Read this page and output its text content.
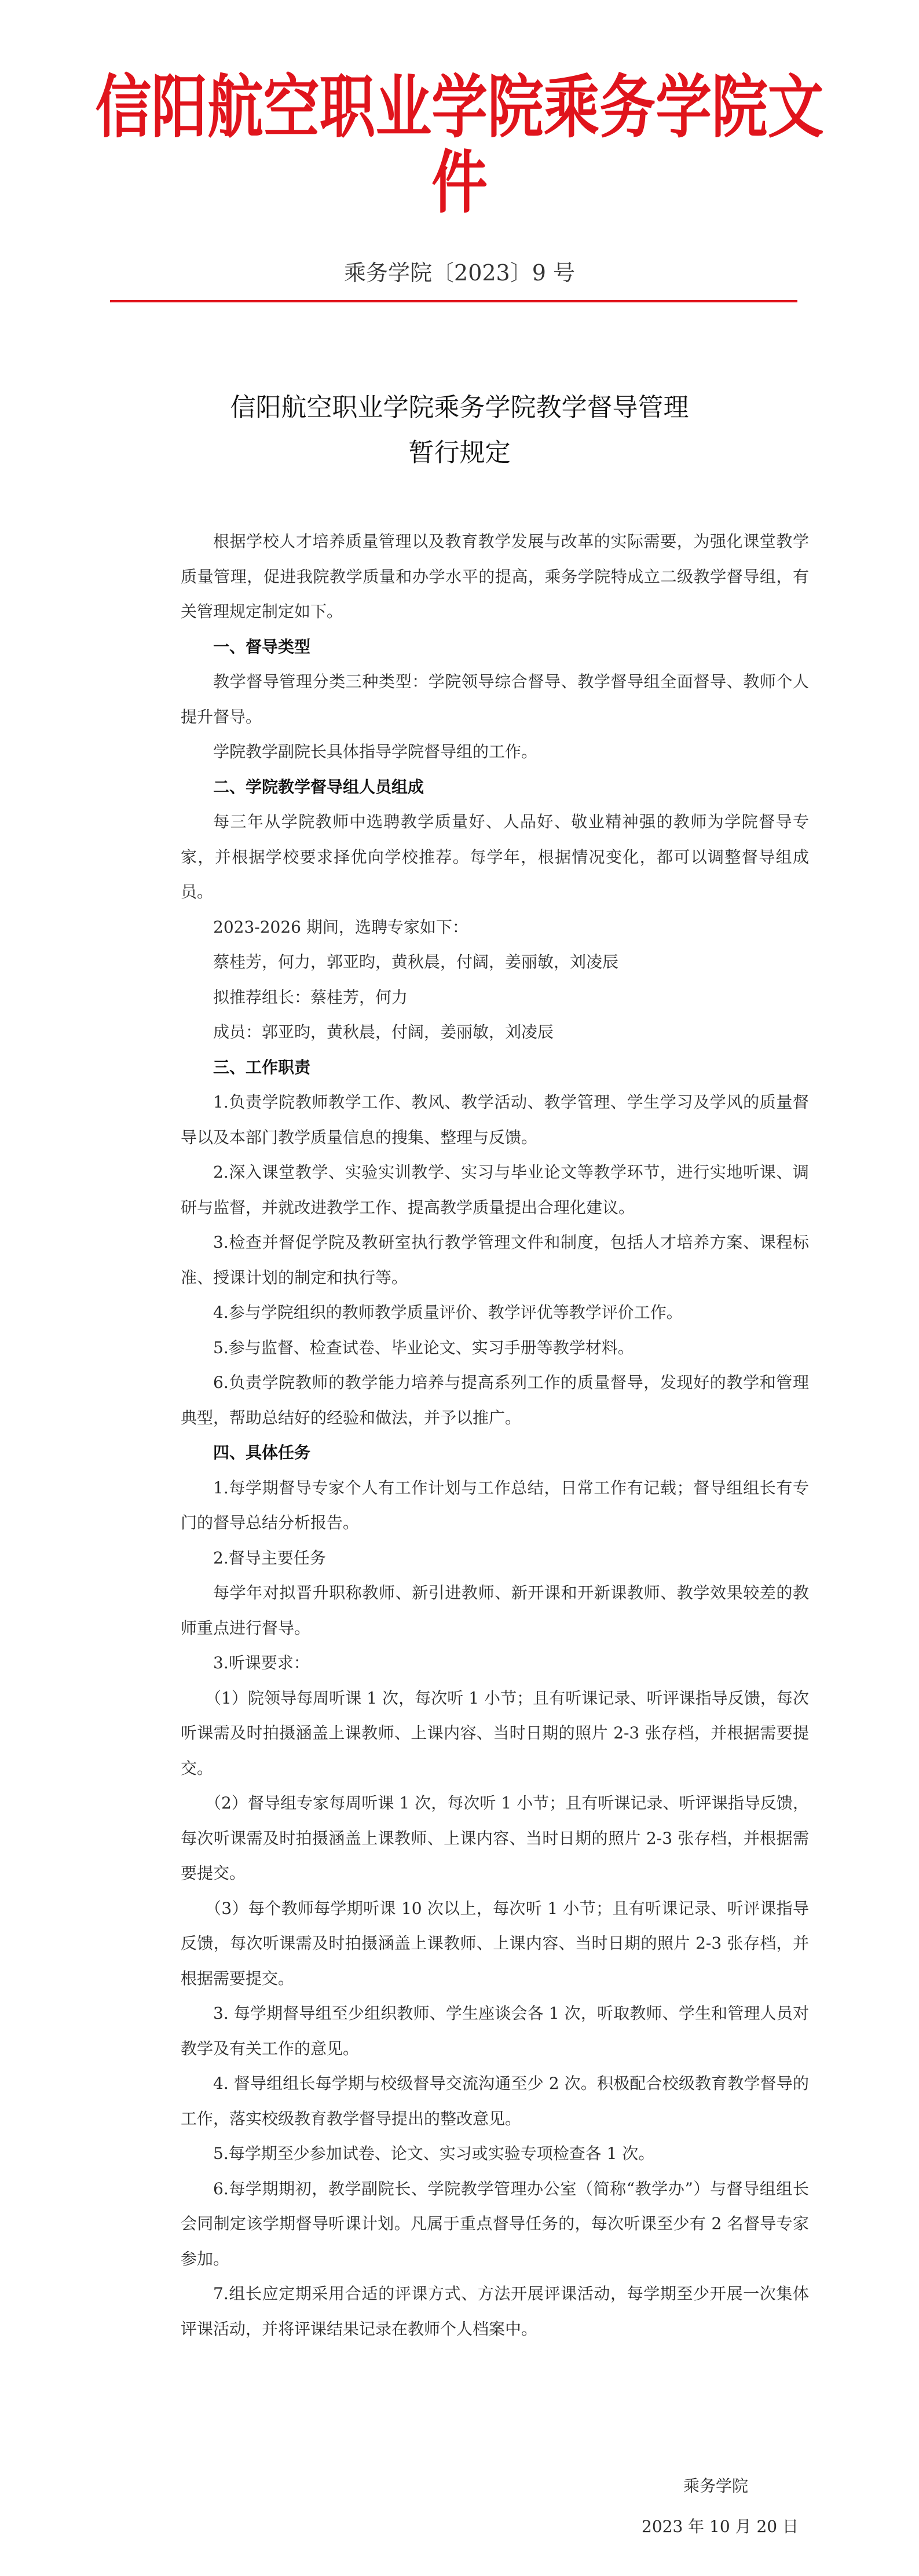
信阳航空职业学院乘务学院文件
乘务学院〔2023〕9 号
信阳航空职业学院乘务学院教学督导管理
暂行规定

根据学校人才培养质量管理以及教育教学发展与改革的实际需要，为强化课堂教学质量管理，促进我院教学质量和办学水平的提高，乘务学院特成立二级教学督导组，有关管理规定制定如下。

一、督导类型

教学督导管理分类三种类型：学院领导综合督导、教学督导组全面督导、教师个人提升督导。

学院教学副院长具体指导学院督导组的工作。

二、学院教学督导组人员组成

每三年从学院教师中选聘教学质量好、人品好、敬业精神强的教师为学院督导专家，并根据学校要求择优向学校推荐。每学年，根据情况变化，都可以调整督导组成员。

2023-2026 期间，选聘专家如下：

蔡桂芳，何力，郭亚昀，黄秋晨，付阔，姜丽敏，刘凌辰

拟推荐组长：蔡桂芳，何力

成员：郭亚昀，黄秋晨，付阔，姜丽敏，刘凌辰

三、工作职责

1.负责学院教师教学工作、教风、教学活动、教学管理、学生学习及学风的质量督导以及本部门教学质量信息的搜集、整理与反馈。

2.深入课堂教学、实验实训教学、实习与毕业论文等教学环节，进行实地听课、调研与监督，并就改进教学工作、提高教学质量提出合理化建议。

3.检查并督促学院及教研室执行教学管理文件和制度，包括人才培养方案、课程标准、授课计划的制定和执行等。

4.参与学院组织的教师教学质量评价、教学评优等教学评价工作。

5.参与监督、检查试卷、毕业论文、实习手册等教学材料。

6.负责学院教师的教学能力培养与提高系列工作的质量督导，发现好的教学和管理典型，帮助总结好的经验和做法，并予以推广。

四、具体任务

1.每学期督导专家个人有工作计划与工作总结，日常工作有记载；督导组组长有专门的督导总结分析报告。

2.督导主要任务

每学年对拟晋升职称教师、新引进教师、新开课和开新课教师、教学效果较差的教师重点进行督导。

3.听课要求：

（1）院领导每周听课 1 次，每次听 1 小节；且有听课记录、听评课指导反馈，每次听课需及时拍摄涵盖上课教师、上课内容、当时日期的照片 2-3 张存档，并根据需要提交。

（2）督导组专家每周听课 1 次，每次听 1 小节；且有听课记录、听评课指导反馈，每次听课需及时拍摄涵盖上课教师、上课内容、当时日期的照片 2-3 张存档，并根据需要提交。

（3）每个教师每学期听课 10 次以上，每次听 1 小节；且有听课记录、听评课指导反馈，每次听课需及时拍摄涵盖上课教师、上课内容、当时日期的照片 2-3 张存档，并根据需要提交。

3. 每学期督导组至少组织教师、学生座谈会各 1 次，听取教师、学生和管理人员对教学及有关工作的意见。

4. 督导组组长每学期与校级督导交流沟通至少 2 次。积极配合校级教育教学督导的工作，落实校级教育教学督导提出的整改意见。

5.每学期至少参加试卷、论文、实习或实验专项检查各 1 次。

6.每学期期初，教学副院长、学院教学管理办公室（简称“教学办”）与督导组组长会同制定该学期督导听课计划。凡属于重点督导任务的，每次听课至少有 2 名督导专家参加。

7.组长应定期采用合适的评课方式、方法开展评课活动，每学期至少开展一次集体评课活动，并将评课结果记录在教师个人档案中。

乘务学院
2023 年 10 月 20 日
